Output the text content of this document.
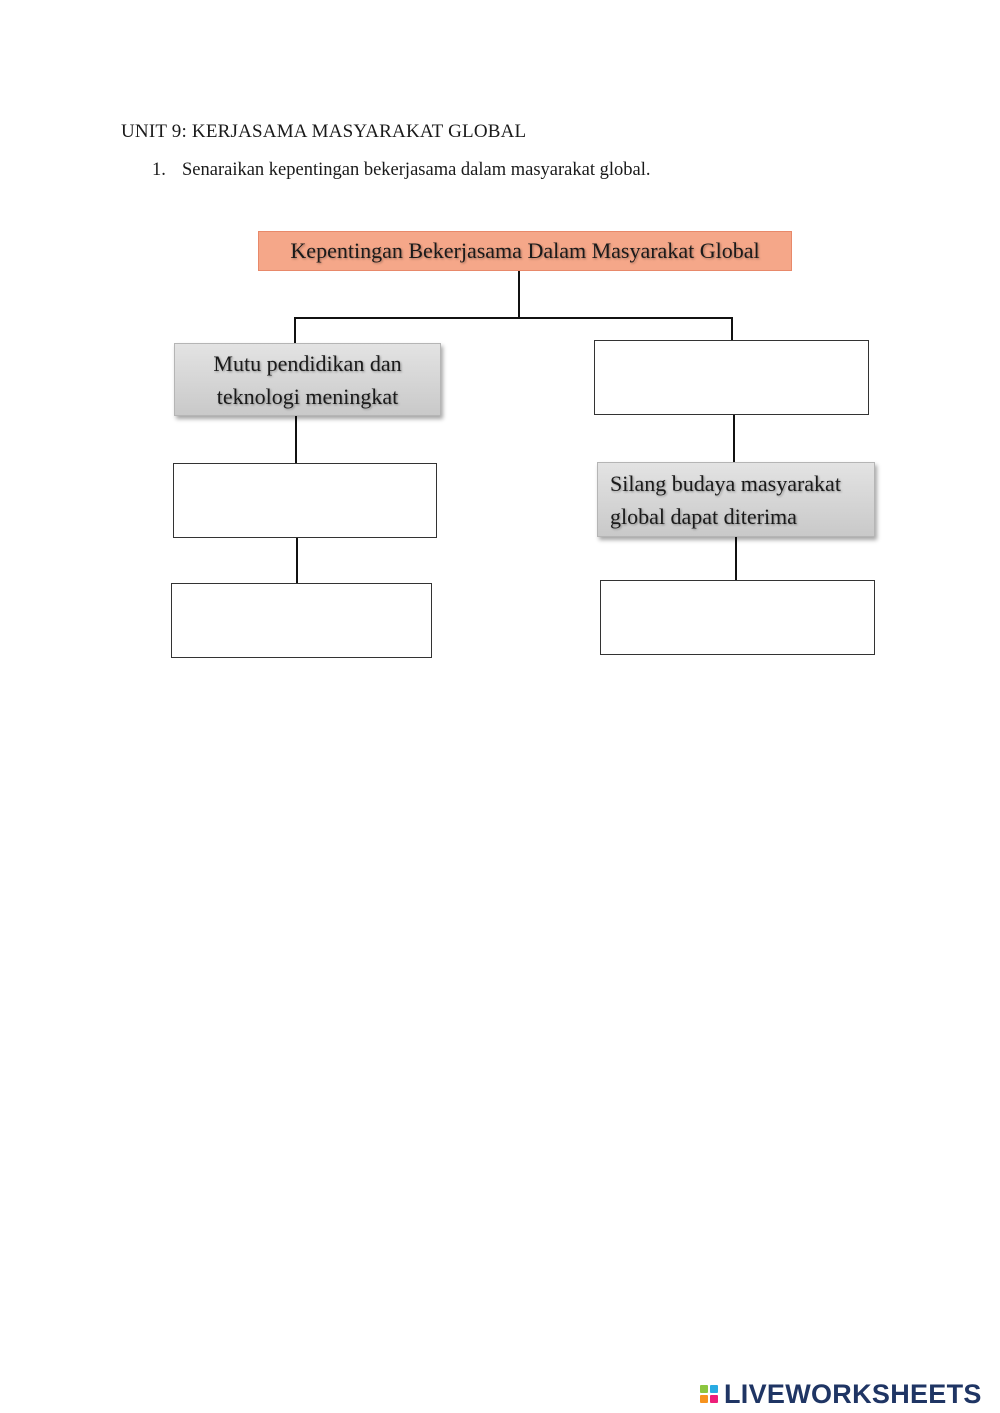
UNIT 9: KERJASAMA MASYARAKAT GLOBAL
1. Senaraikan kepentingan bekerjasama dalam masyarakat global.
Kepentingan Bekerjasama Dalam Masyarakat Global
Mutu pendidikan dan
teknologi meningkat
Silang budaya masyarakat
global dapat diterima
LIVEWORKSHEETS
